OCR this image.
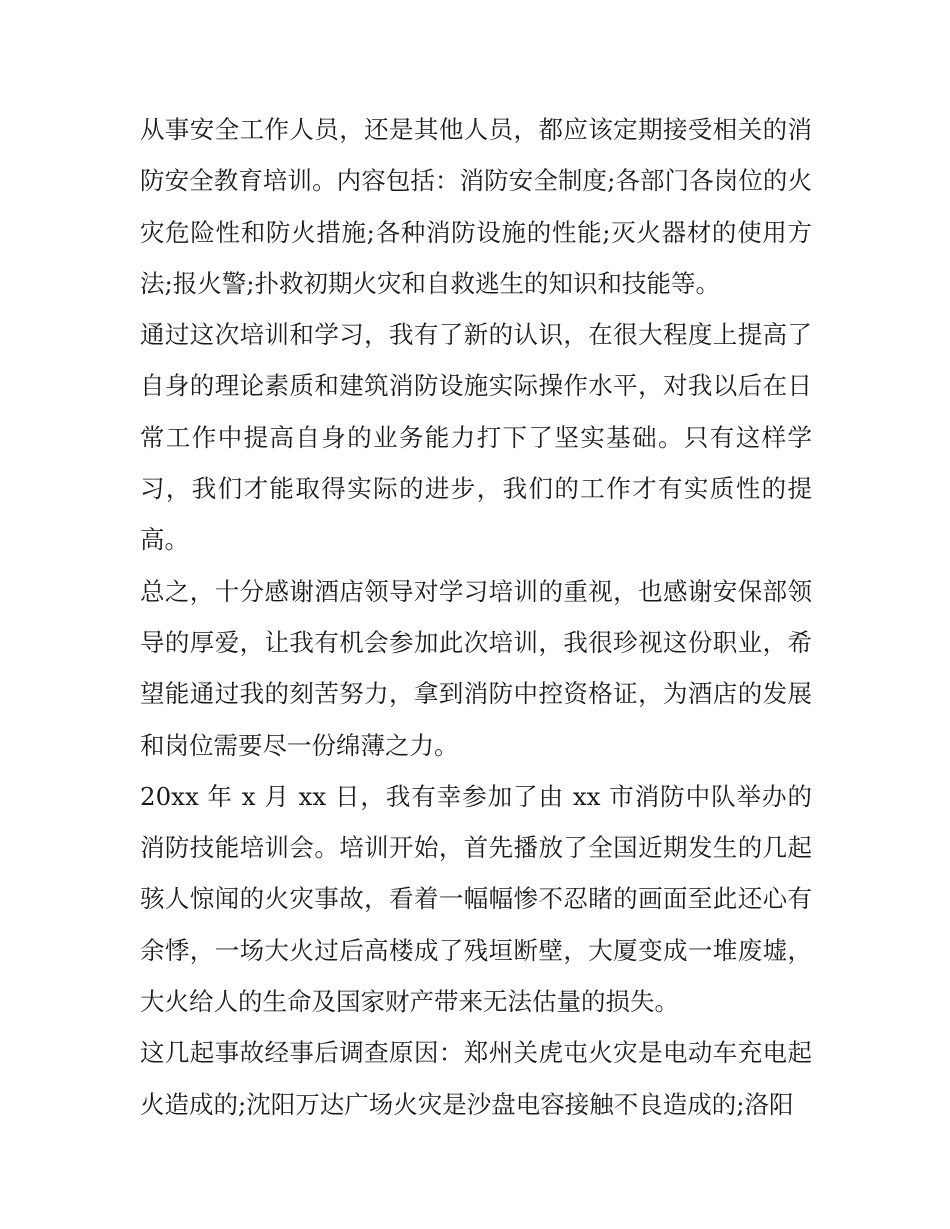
从事安全工作人员，还是其他人员，都应该定期接受相关的消防安全教育培训。内容包括：消防安全制度;各部门各岗位的火灾危险性和防火措施;各种消防设施的性能;灭火器材的使用方法;报火警;扑救初期火灾和自救逃生的知识和技能等。

通过这次培训和学习，我有了新的认识，在很大程度上提高了自身的理论素质和建筑消防设施实际操作水平，对我以后在日常工作中提高自身的业务能力打下了坚实基础。只有这样学习，我们才能取得实际的进步，我们的工作才有实质性的提高。

总之，十分感谢酒店领导对学习培训的重视，也感谢安保部领导的厚爱，让我有机会参加此次培训，我很珍视这份职业，希望能通过我的刻苦努力，拿到消防中控资格证，为酒店的发展和岗位需要尽一份绵薄之力。

20xx 年 x 月 xx 日，我有幸参加了由 xx 市消防中队举办的消防技能培训会。培训开始，首先播放了全国近期发生的几起骇人惊闻的火灾事故，看着一幅幅惨不忍睹的画面至此还心有余悸，一场大火过后高楼成了残垣断壁，大厦变成一堆废墟，大火给人的生命及国家财产带来无法估量的损失。

这几起事故经事后调查原因：郑州关虎屯火灾是电动车充电起火造成的;沈阳万达广场火灾是沙盘电容接触不良造成的;洛阳
